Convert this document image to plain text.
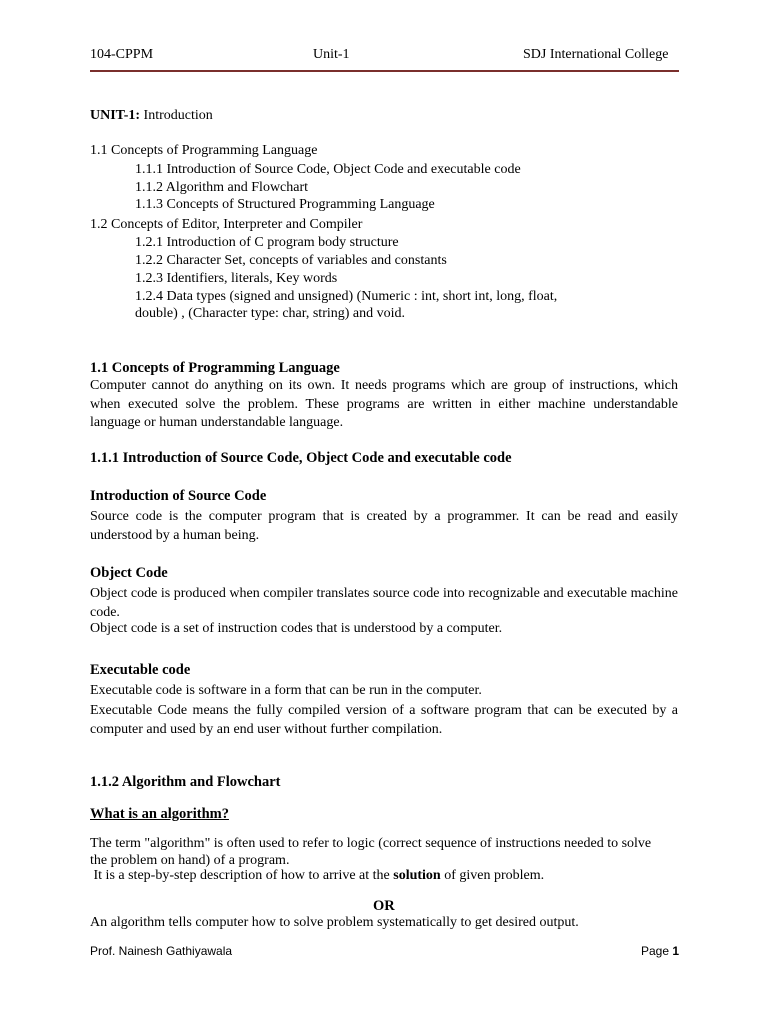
104-CPPM	Unit-1	SDJ International College
UNIT-1: Introduction
1.1 Concepts of Programming Language
1.1.1 Introduction of Source Code, Object Code and executable code
1.1.2 Algorithm and Flowchart
1.1.3 Concepts of Structured Programming Language
1.2 Concepts of Editor, Interpreter and Compiler
1.2.1 Introduction of C program body structure
1.2.2 Character Set, concepts of variables and constants
1.2.3 Identifiers, literals, Key words
1.2.4 Data types (signed and unsigned) (Numeric : int, short int, long, float,
double) , (Character type: char, string) and void.
1.1 Concepts of Programming Language
Computer cannot do anything on its own. It needs programs which are group of instructions, which when executed solve the problem. These programs are written in either machine understandable language or human understandable language.
1.1.1 Introduction of Source Code, Object Code and executable code
Introduction of Source Code
Source code is the computer program that is created by a programmer. It can be read and easily understood by a human being.
Object Code
Object code is produced when compiler translates source code into recognizable and executable machine code.
Object code is a set of instruction codes that is understood by a computer.
Executable code
Executable code is software in a form that can be run in the computer.
Executable Code means the fully compiled version of a software program that can be executed by a computer and used by an end user without further compilation.
1.1.2 Algorithm and Flowchart
What is an algorithm?
The term "algorithm" is often used to refer to logic (correct sequence of instructions needed to solve the problem on hand) of a program.
It is a step-by-step description of how to arrive at the solution of given problem.
OR
An algorithm tells computer how to solve problem systematically to get desired output.
Prof. Nainesh Gathiyawala	Page 1
